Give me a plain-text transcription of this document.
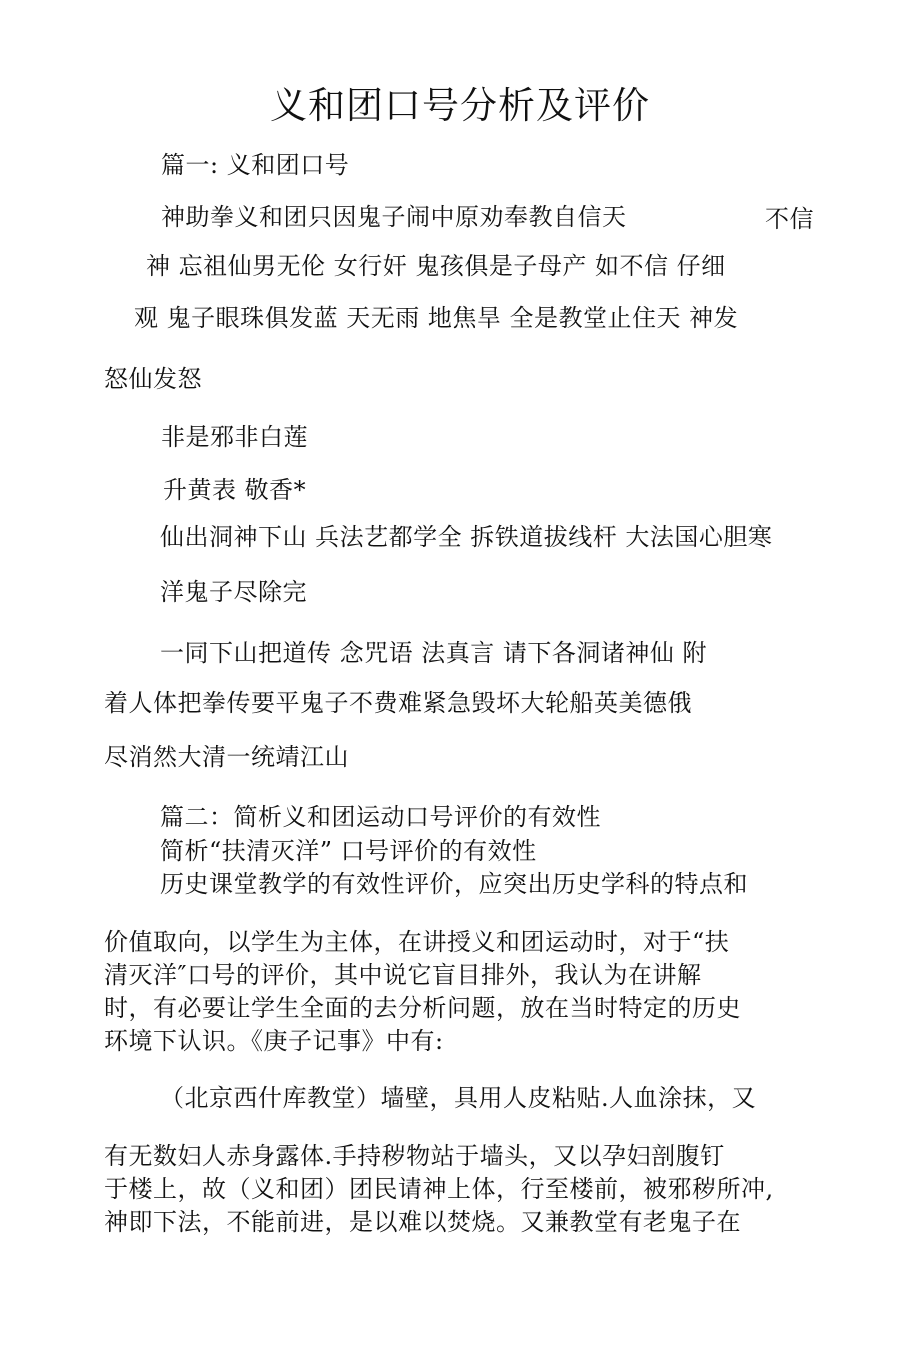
义和团口号分析及评价
篇一: 义和团口号
神助拳义和团只因鬼子闹中原劝奉教自信天	不信
神 忘祖仙男无伦 女行奸 鬼孩俱是子母产 如不信 仔细
观 鬼子眼珠俱发蓝 天无雨 地焦旱 全是教堂止住天 神发
怒仙发怒
非是邪非白莲
升黄表 敬香*
仙出洞神下山 兵法艺都学全 拆铁道拔线杆 大法国心胆寒
洋鬼子尽除完
一同下山把道传 念咒语 法真言 请下各洞诸神仙 附
着人体把拳传要平鬼子不费难紧急毁坏大轮船英美德俄
尽消然大清一统靖江山
篇二：简析义和团运动口号评价的有效性
简析“扶清灭洋” 口号评价的有效性
历史课堂教学的有效性评价，应突出历史学科的特点和
价值取向，以学生为主体，在讲授义和团运动时，对于“扶
清灭洋″口号的评价，其中说它盲目排外，我认为在讲解
时，有必要让学生全面的去分析问题，放在当时特定的历史
环境下认识。《庚子记事》中有:
（北京西什库教堂）墙壁，具用人皮粘贴.人血涂抹，又
有无数妇人赤身露体.手持秽物站于墙头，又以孕妇剖腹钉
于楼上，故（义和团）团民请神上体，行至楼前，被邪秽所冲,
神即下法，不能前进，是以难以焚烧。又兼教堂有老鬼子在
